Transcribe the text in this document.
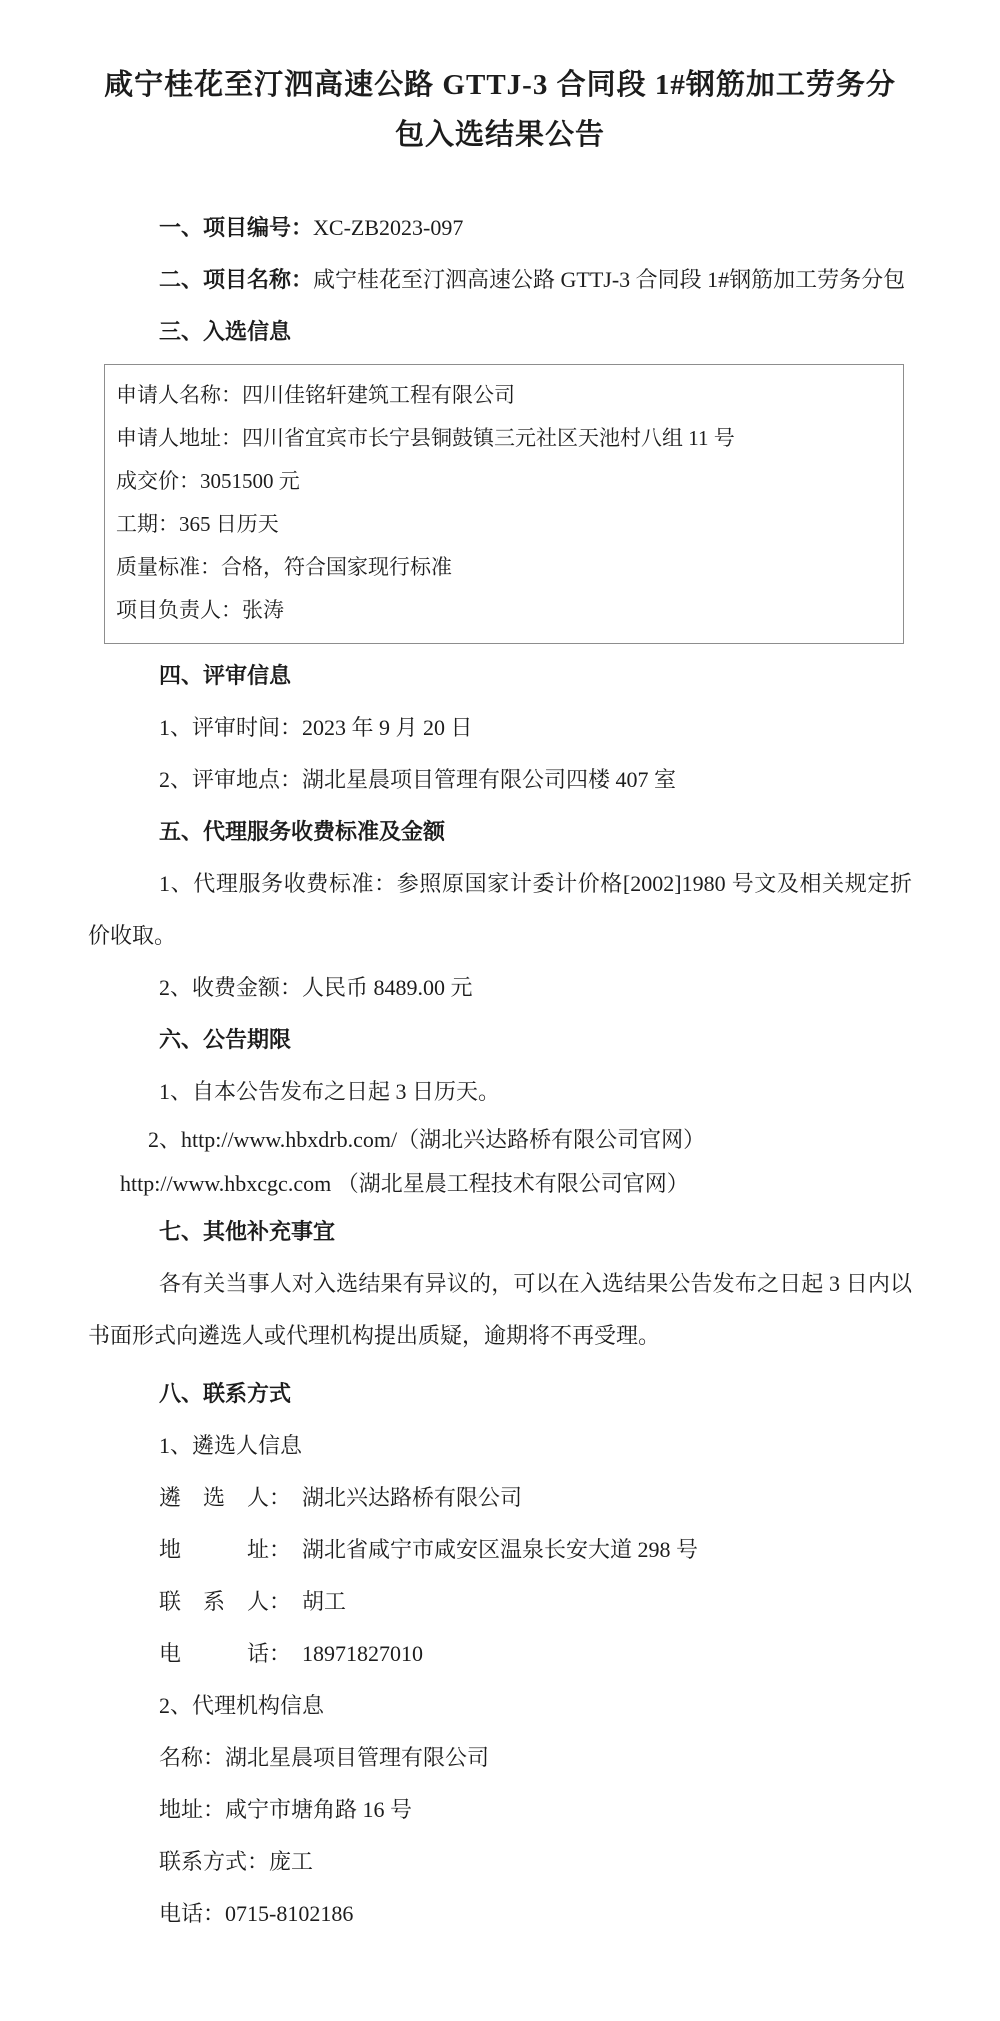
咸宁桂花至汀泗高速公路 GTTJ-3 合同段 1#钢筋加工劳务分
包入选结果公告

一、项目编号：XC-ZB2023-097

二、项目名称：咸宁桂花至汀泗高速公路 GTTJ-3 合同段 1#钢筋加工劳务分包

三、入选信息

申请人名称：四川佳铭轩建筑工程有限公司

申请人地址：四川省宜宾市长宁县铜鼓镇三元社区天池村八组 11 号

成交价：3051500 元

工期：365 日历天

质量标准：合格，符合国家现行标准

项目负责人：张涛

四、评审信息

1、评审时间：2023 年 9 月 20 日

2、评审地点：湖北星晨项目管理有限公司四楼 407 室

五、代理服务收费标准及金额

1、代理服务收费标准：参照原国家计委计价格[2002]1980 号文及相关规定折价收取。

2、收费金额：人民币 8489.00 元

六、公告期限

1、自本公告发布之日起 3 日历天。

2、http://www.hbxdrb.com/（湖北兴达路桥有限公司官网）

http://www.hbxcgc.com （湖北星晨工程技术有限公司官网）

七、其他补充事宜

各有关当事人对入选结果有异议的，可以在入选结果公告发布之日起 3 日内以书面形式向遴选人或代理机构提出质疑，逾期将不再受理。

八、联系方式

1、遴选人信息

遴　选　人：　湖北兴达路桥有限公司

地　　　址：　湖北省咸宁市咸安区温泉长安大道 298 号

联　系　人：　胡工

电　　　话：　18971827010

2、代理机构信息

名称：湖北星晨项目管理有限公司

地址：咸宁市塘角路 16 号

联系方式：庞工

电话：0715-8102186
